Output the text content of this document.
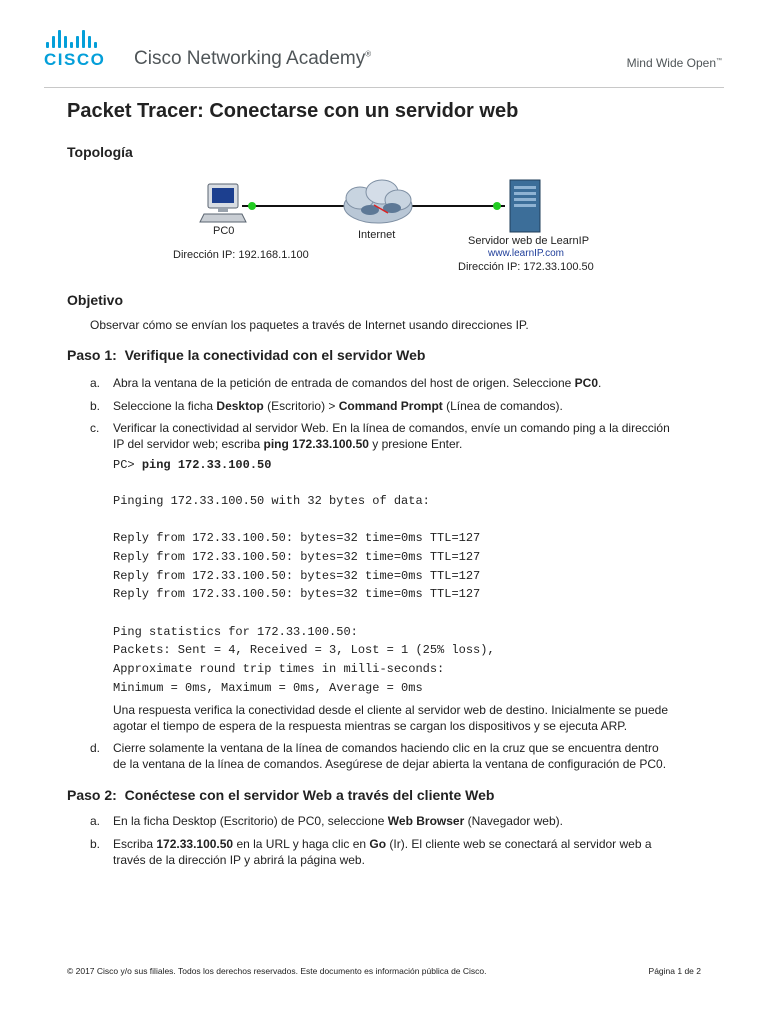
CISCO Cisco Networking Academy®
Mind Wide Open™
Packet Tracer: Conectarse con un servidor web
Topología
PC0
Dirección IP: 192.168.1.100
Internet	Servidor web de LearnIP
www.learnIP.com
Dirección IP: 172.33.100.50
Objetivo
Observar cómo se envían los paquetes a través de Internet usando direcciones IP.
Paso 1: Verifique la conectividad con el servidor Web
a. Abra la ventana de la petición de entrada de comandos del host de origen. Seleccione PC0.
b. Seleccione la ficha Desktop (Escritorio) > Command Prompt (Línea de comandos).
c. Verificar la conectividad al servidor Web. En la línea de comandos, envíe un comando ping a la dirección
IP del servidor web; escriba ping 172.33.100.50 y presione Enter.
PC> ping 172.33.100.50
Pinging 172.33.100.50 with 32 bytes of data:
Reply from 172.33.100.50: bytes=32 time=0ms TTL=127
Reply from 172.33.100.50: bytes=32 time=0ms TTL=127
Reply from 172.33.100.50: bytes=32 time=0ms TTL=127
Reply from 172.33.100.50: bytes=32 time=0ms TTL=127
Ping statistics for 172.33.100.50:
Packets: Sent = 4, Received = 3, Lost = 1 (25% loss),
Approximate round trip times in milli-seconds:
Minimum = 0ms, Maximum = 0ms, Average = 0ms
Una respuesta verifica la conectividad desde el cliente al servidor web de destino. Inicialmente se puede
agotar el tiempo de espera de la respuesta mientras se cargan los dispositivos y se ejecuta ARP.
d. Cierre solamente la ventana de la línea de comandos haciendo clic en la cruz que se encuentra dentro
de la ventana de la línea de comandos. Asegúrese de dejar abierta la ventana de configuración de PC0.
Paso 2: Conéctese con el servidor Web a través del cliente Web
a. En la ficha Desktop (Escritorio) de PC0, seleccione Web Browser (Navegador web).
b. Escriba 172.33.100.50 en la URL y haga clic en Go (Ir). El cliente web se conectará al servidor web a
través de la dirección IP y abrirá la página web.
© 2017 Cisco y/o sus filiales. Todos los derechos reservados. Este documento es información pública de Cisco.	Página 1 de 2
